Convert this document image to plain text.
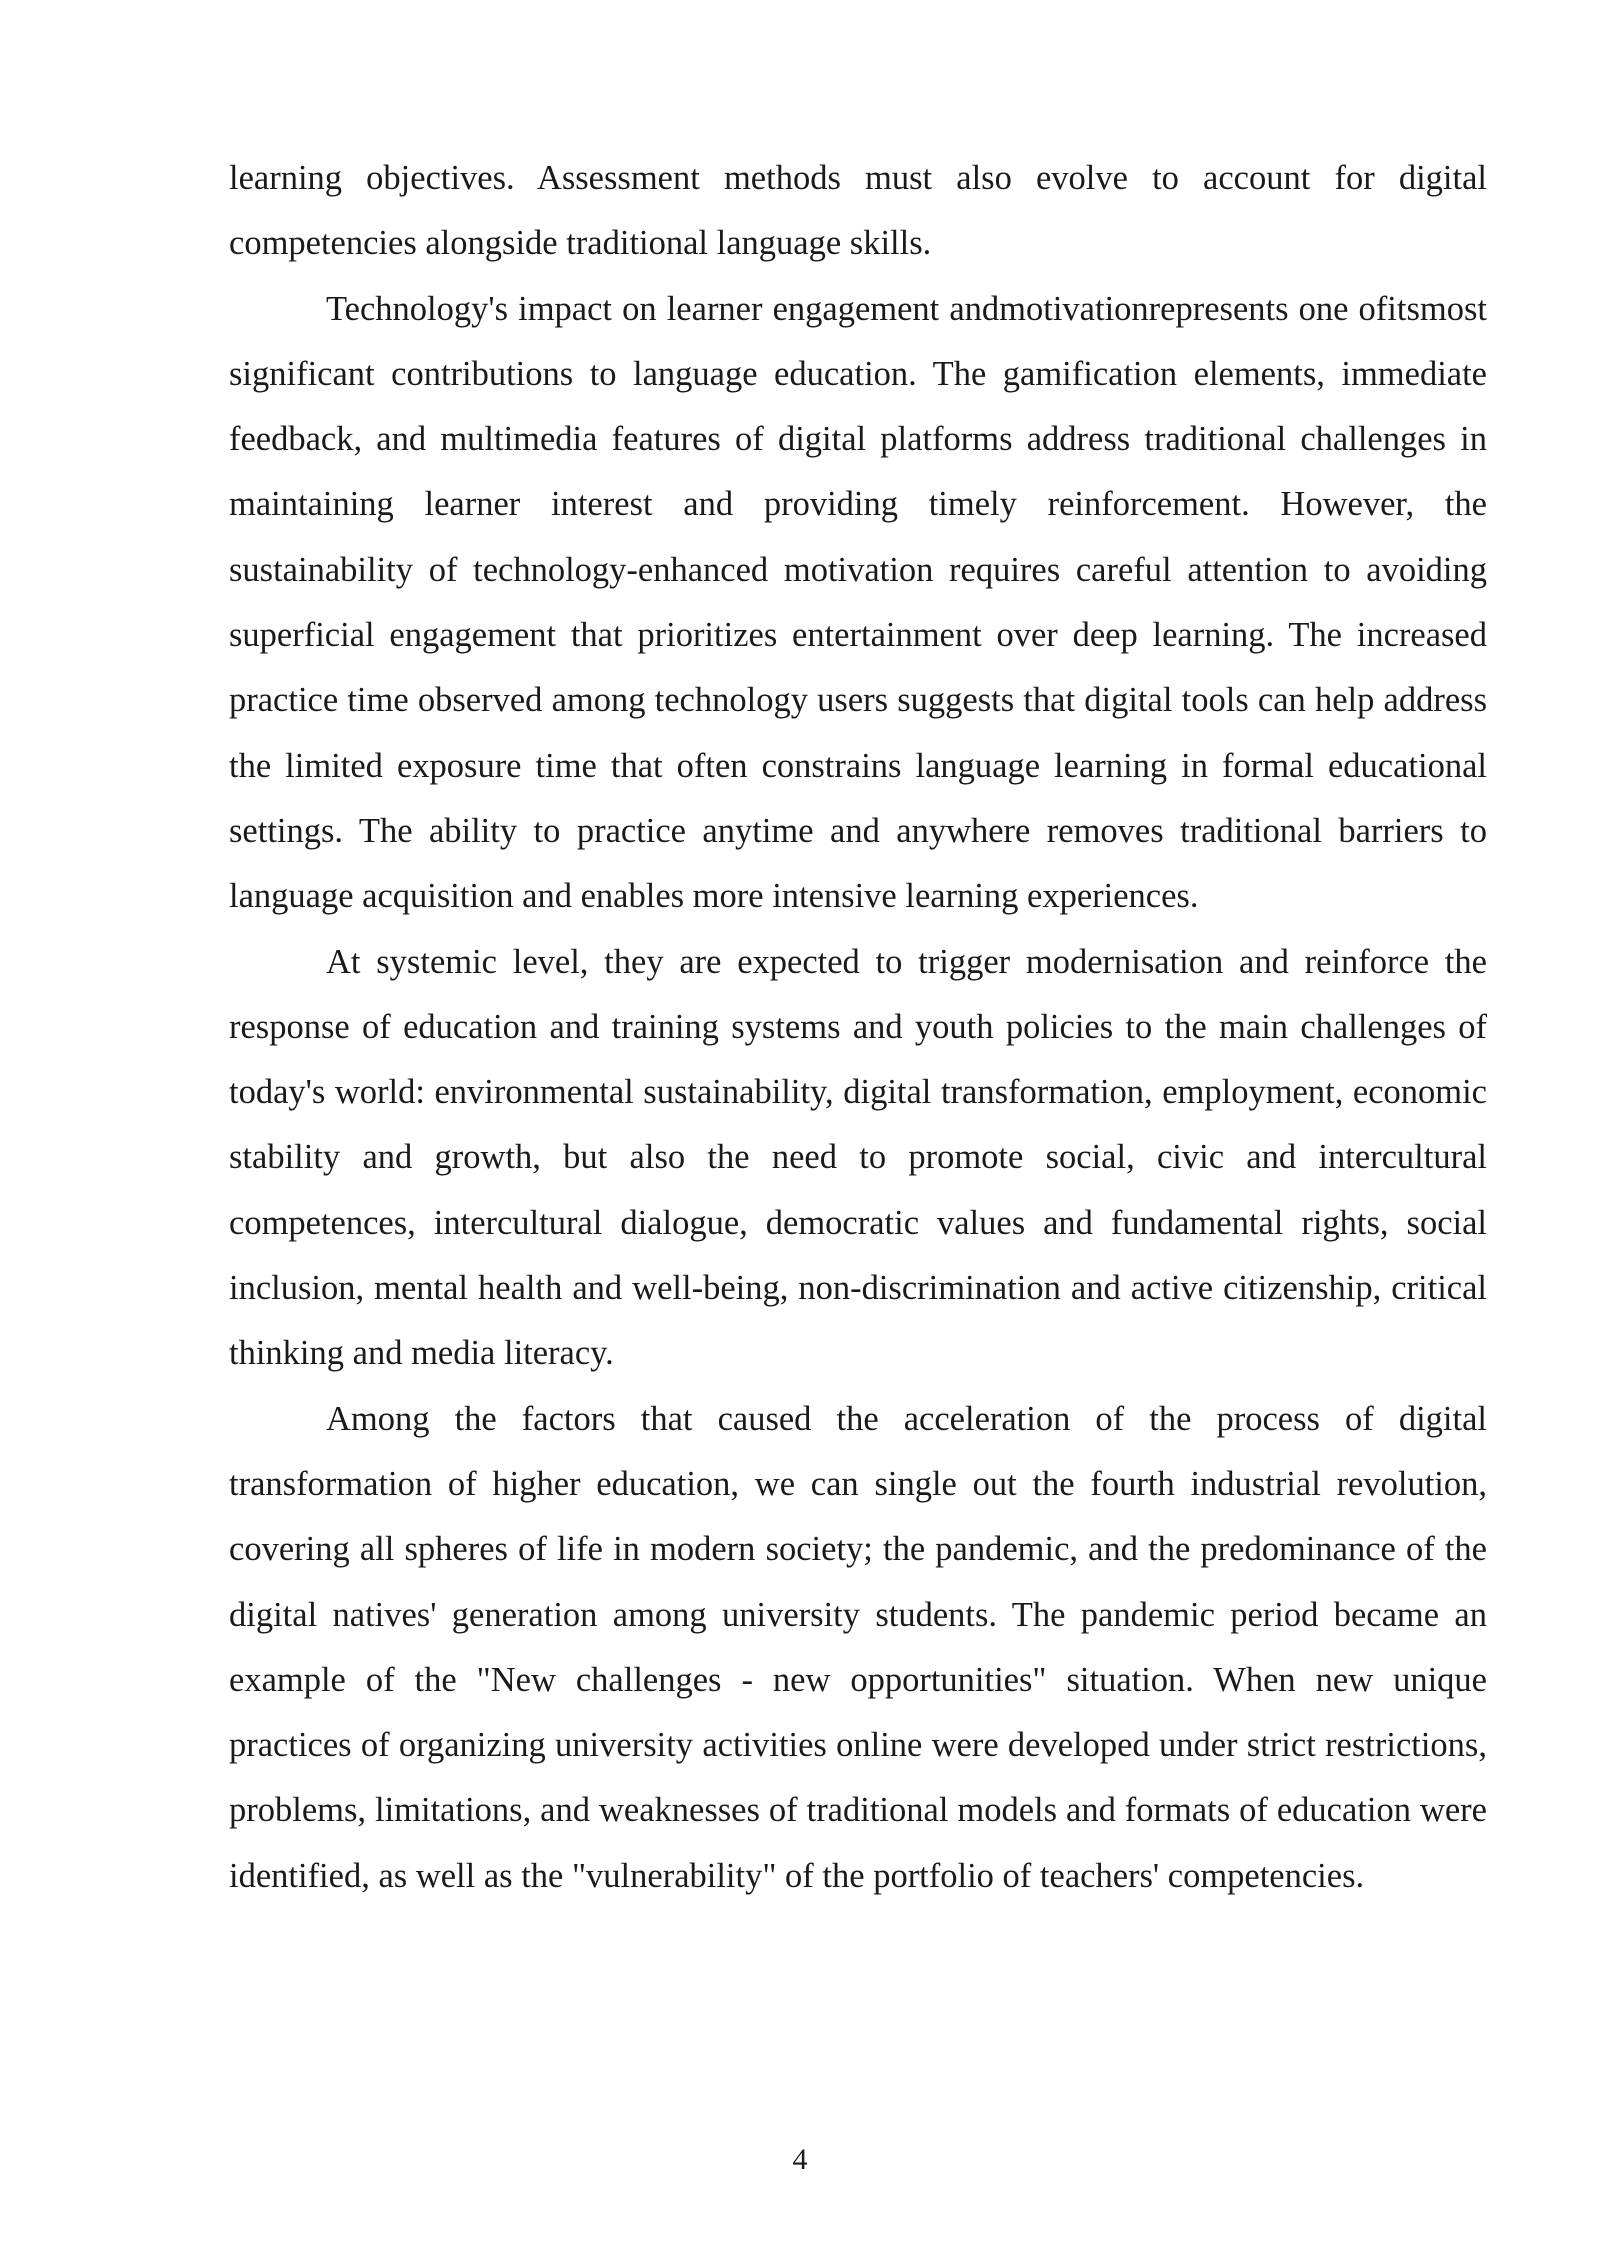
learning objectives. Assessment methods must also evolve to account for digital competencies alongside traditional language skills.

Technology's impact on learner engagement andmotivationrepresents one ofitsmost significant contributions to language education. The gamification elements, immediate feedback, and multimedia features of digital platforms address traditional challenges in maintaining learner interest and providing timely reinforcement. However, the sustainability of technology-enhanced motivation requires careful attention to avoiding superficial engagement that prioritizes entertainment over deep learning. The increased practice time observed among technology users suggests that digital tools can help address the limited exposure time that often constrains language learning in formal educational settings. The ability to practice anytime and anywhere removes traditional barriers to language acquisition and enables more intensive learning experiences.

At systemic level, they are expected to trigger modernisation and reinforce the response of education and training systems and youth policies to the main challenges of today's world: environmental sustainability, digital transformation, employment, economic stability and growth, but also the need to promote social, civic and intercultural competences, intercultural dialogue, democratic values and fundamental rights, social inclusion, mental health and well-being, non-discrimination and active citizenship, critical thinking and media literacy.

Among the factors that caused the acceleration of the process of digital transformation of higher education, we can single out the fourth industrial revolution, covering all spheres of life in modern society; the pandemic, and the predominance of the digital natives' generation among university students. The pandemic period became an example of the "New challenges - new opportunities" situation. When new unique practices of organizing university activities online were developed under strict restrictions, problems, limitations, and weaknesses of traditional models and formats of education were identified, as well as the "vulnerability" of the portfolio of teachers' competencies.

4
